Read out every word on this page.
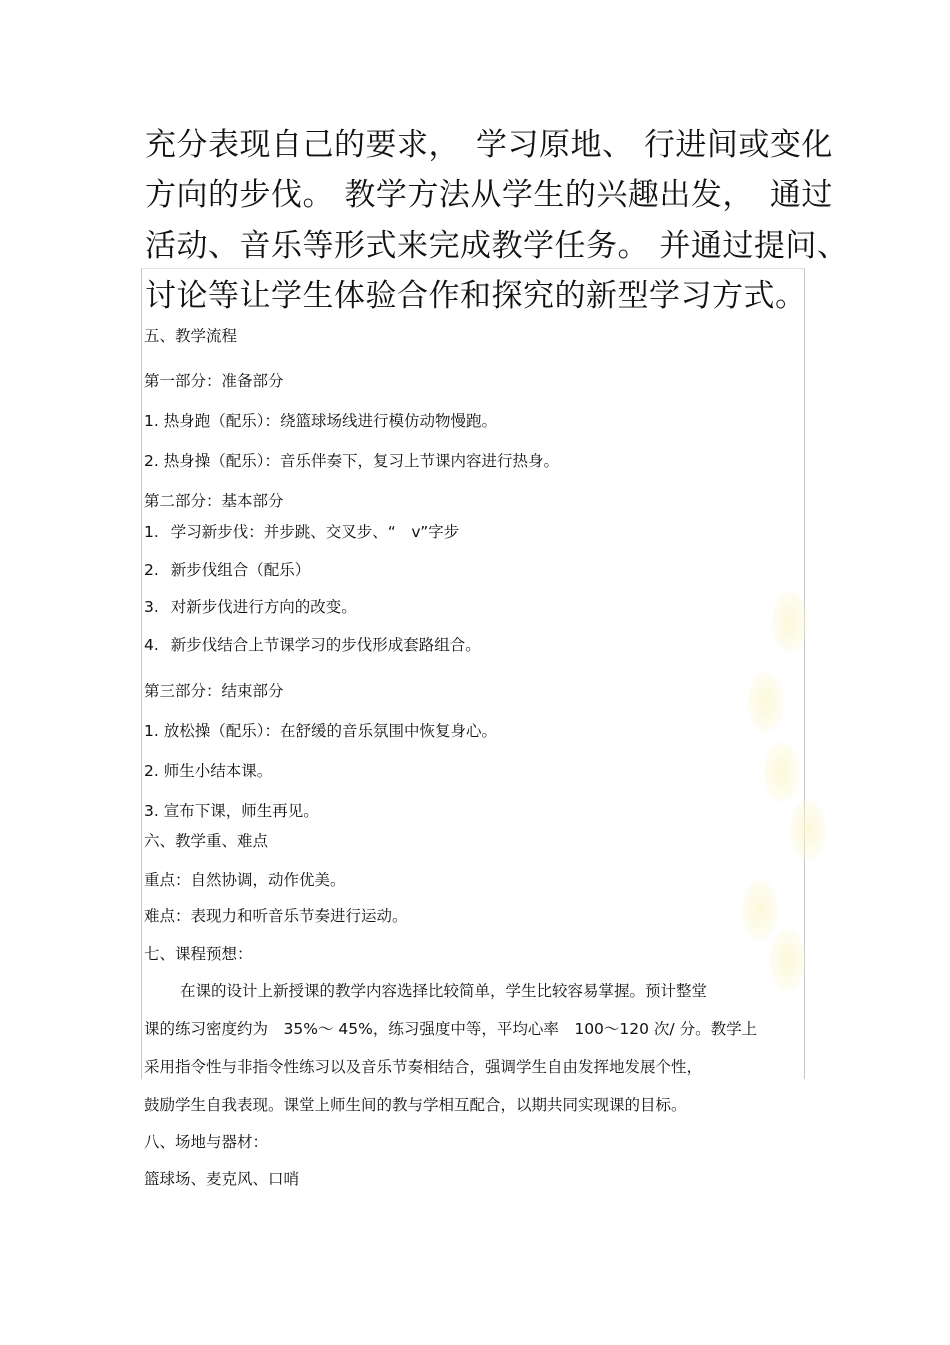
充分表现自己的要求，　学习原地、 行进间或变化
方向的步伐。 教学方法从学生的兴趣出发，　通过
活动、音乐等形式来完成教学任务。 并通过提问、
讨论等让学生体验合作和探究的新型学习方式。
五、教学流程
第一部分：准备部分
1. 热身跑（配乐）：绕篮球场线进行模仿动物慢跑。
2. 热身操（配乐）：音乐伴奏下，复习上节课内容进行热身。
第二部分：基本部分
1. 学习新步伐：并步跳、交叉步、“　v”字步
2. 新步伐组合（配乐）
3. 对新步伐进行方向的改变。
4. 新步伐结合上节课学习的步伐形成套路组合。
第三部分：结束部分
1. 放松操（配乐）：在舒缓的音乐氛围中恢复身心。
2. 师生小结本课。
3. 宣布下课，师生再见。
六、教学重、难点
重点：自然协调，动作优美。
难点：表现力和听音乐节奏进行运动。
七、课程预想：
在课的设计上新授课的教学内容选择比较简单，学生比较容易掌握。预计整堂
课的练习密度约为　35%～ 45%，练习强度中等，平均心率　100～120 次/ 分。教学上
采用指令性与非指令性练习以及音乐节奏相结合，强调学生自由发挥地发展个性，
鼓励学生自我表现。课堂上师生间的教与学相互配合，以期共同实现课的目标。
八、场地与器材：
篮球场、麦克风、口哨
